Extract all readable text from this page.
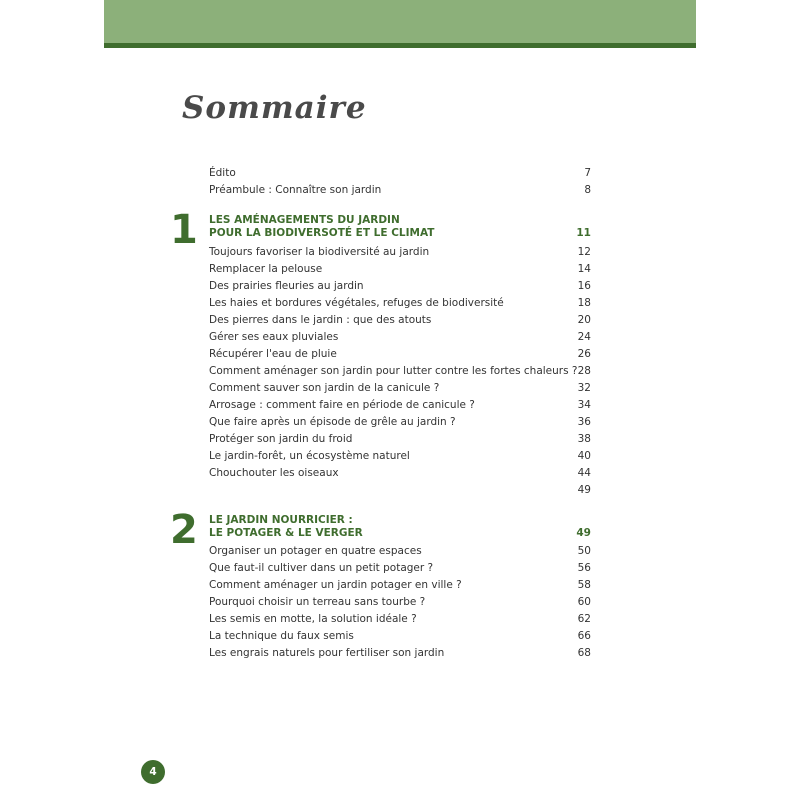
Sommaire
Édito	7
Préambule : Connaître son jardin	8
1 LES AMÉNAGEMENTS DU JARDIN
POUR LA BIODIVERSOTÉ ET LE CLIMAT	11
Toujours favoriser la biodiversité au jardin	12
Remplacer la pelouse	14
Des prairies fleuries au jardin	16
Les haies et bordures végétales, refuges de biodiversité	18
Des pierres dans le jardin : que des atouts	20
Gérer ses eaux pluviales	24
Récupérer l'eau de pluie	26
Comment aménager son jardin pour lutter contre les fortes chaleurs ? 28
Comment sauver son jardin de la canicule ?	32
Arrosage : comment faire en période de canicule ?	34
Que faire après un épisode de grêle au jardin ?	36
Protéger son jardin du froid	38
Le jardin-forêt, un écosystème naturel	40
Chouchouter les oiseaux	44
49
2 LE JARDIN NOURRICIER :
LE POTAGER & LE VERGER	49
Organiser un potager en quatre espaces	50
Que faut-il cultiver dans un petit potager ?	56
Comment aménager un jardin potager en ville ?	58
Pourquoi choisir un terreau sans tourbe ?	60
Les semis en motte, la solution idéale ?	62
La technique du faux semis	66
Les engrais naturels pour fertiliser son jardin	68
4
